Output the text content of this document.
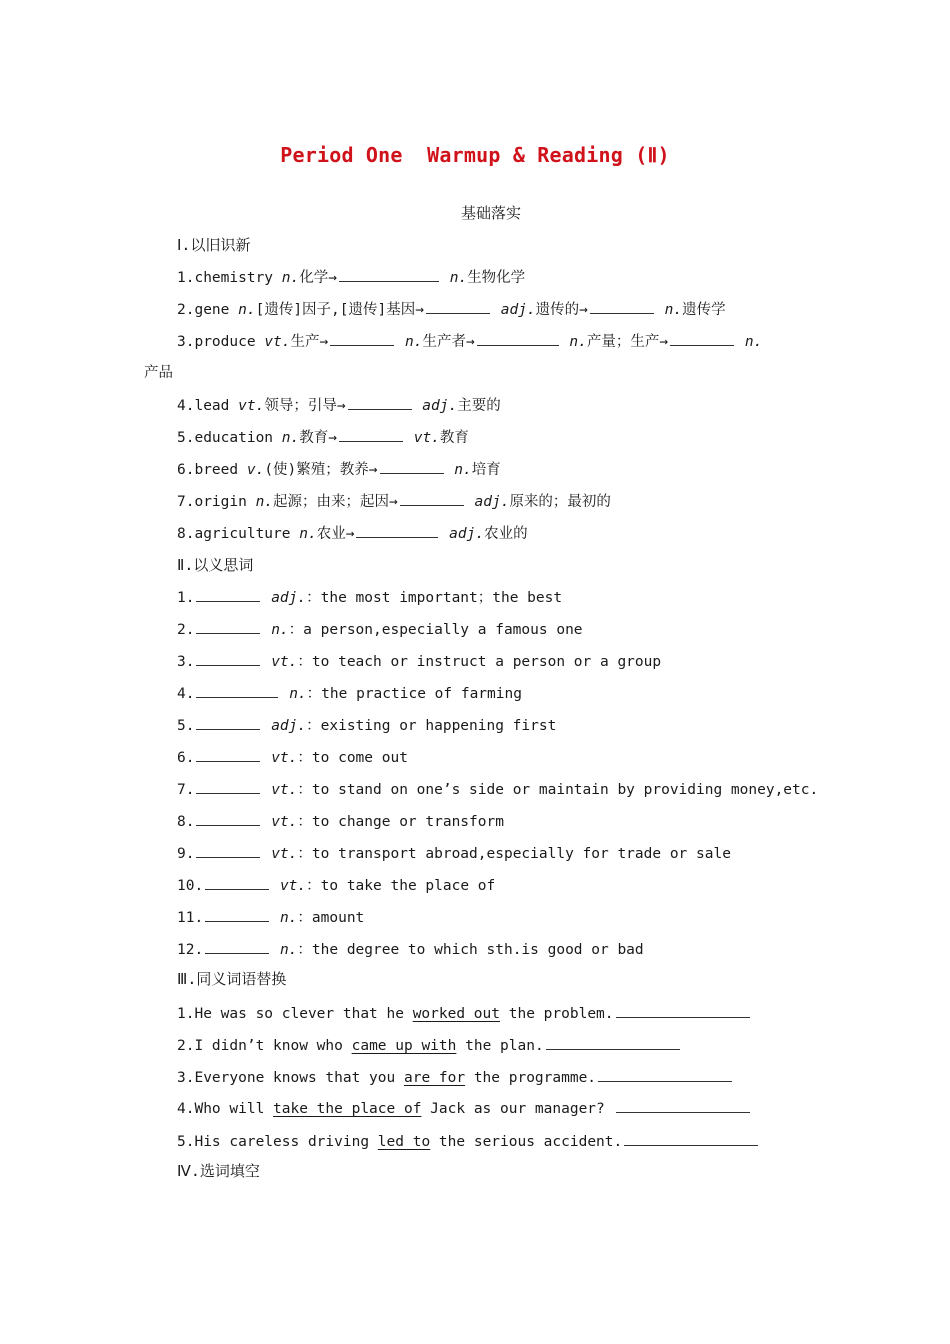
Period One  Warmup & Reading (Ⅱ)
基础落实
Ⅰ.以旧识新
1.chemistry n.化学→	n.生物化学
2.gene n.[遗传]因子,[遗传]基因→	adj.遗传的→	n.遗传学
3.produce vt.生产→	n.生产者→	n.产量；生产→	n.
产品
4.lead vt.领导；引导→	adj.主要的
5.education n.教育→	vt.教育
6.breed v.(使)繁殖；教养→	n.培育
7.origin n.起源；由来；起因→	adj.原来的；最初的
8.agriculture n.农业→	adj.农业的
Ⅱ.以义思词
1.	adj.：the most important；the best
2.	n.：a person,especially a famous one
3.	vt.：to teach or instruct a person or a group
4.	n.：the practice of farming
5.	adj.：existing or happening first
6.	vt.：to come out
7.	vt.：to stand on one’s side or maintain by providing money,etc.
8.	vt.：to change or transform
9.	vt.：to transport abroad,especially for trade or sale
10.	vt.：to take the place of
11.	n.：amount
12.	n.：the degree to which sth.is good or bad
Ⅲ.同义词语替换
1.He was so clever that he worked out the problem.
2.I didn’t know who came up with the plan.
3.Everyone knows that you are for the programme.
4.Who will take the place of Jack as our manager?
5.His careless driving led to the serious accident.
Ⅳ.选词填空
